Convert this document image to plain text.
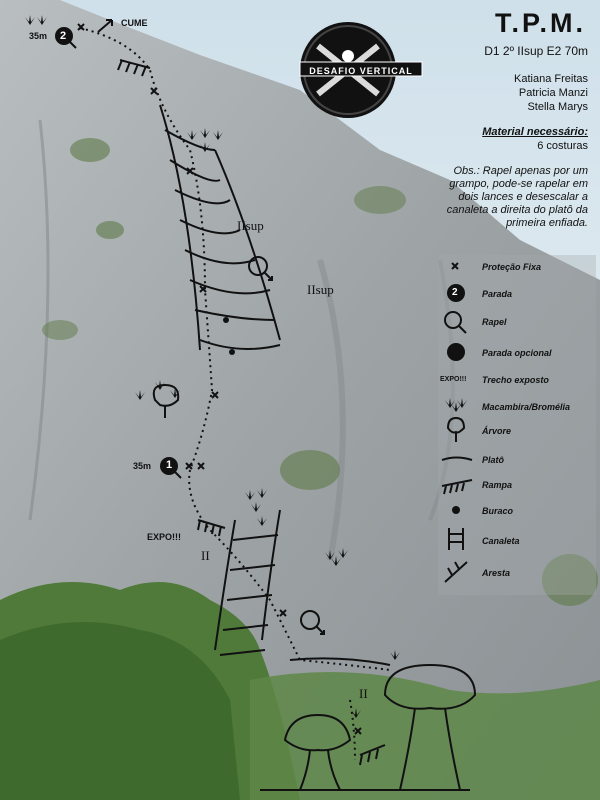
T.P.M.
D1 2º IIsup E2 70m
Katiana Freitas
Patricia Manzi
Stella Marys
Material necessário:
6 costuras
Obs.: Rapel apenas por um grampo, pode-se rapelar em dois lances e desescalar a canaleta a direita do platô da primeira enfiada.
DESAFIO VERTICAL
CUME
35m 2
35m 1
EXPO!!!
IIsup
IIsup
II
II
Proteção Fixa
2	Parada
Rapel
Parada opcional
EXPO!!! Trecho exposto
Macambira/Bromélia
Árvore
Platô
Rampa
Buraco
Canaleta
Aresta
